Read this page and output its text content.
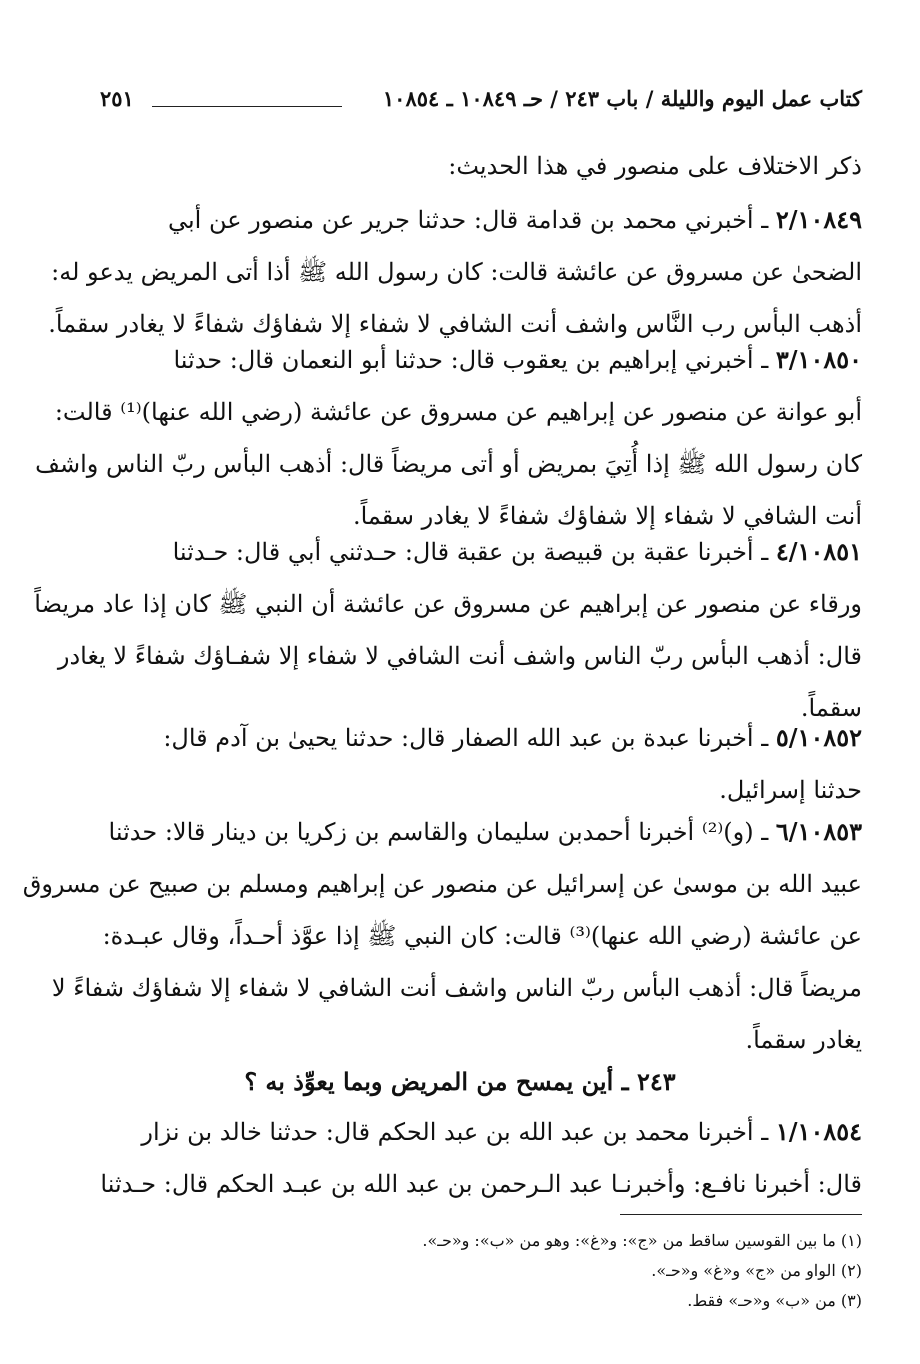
كتاب عمل اليوم والليلة / باب ٢٤٣ / حـ ١٠٨٤٩ ـ ١٠٨٥٤
٢٥١
ذكر الاختلاف على منصور في هذا الحديث:
٢/١٠٨٤٩ ـ أخبرني محمد بن قدامة قال: حدثنا جرير عن منصور عن أبي
الضحىٰ عن مسروق عن عائشة قالت: كان رسول الله ﷺ أذا أتى المريض يدعو له:
أذهب البأس رب النَّاس واشف أنت الشافي لا شفاء إلا شفاؤك شفاءً لا يغادر سقماً.
٣/١٠٨٥٠ ـ أخبرني إبراهيم بن يعقوب قال: حدثنا أبو النعمان قال: حدثنا
أبو عوانة عن منصور عن إبراهيم عن مسروق عن عائشة (رضي الله عنها)⁽¹⁾ قالت:
كان رسول الله ﷺ إذا أُتِيَ بمريض أو أتى مريضاً قال: أذهب البأس ربّ الناس واشف
أنت الشافي لا شفاء إلا شفاؤك شفاءً لا يغادر سقماً.
٤/١٠٨٥١ ـ أخبرنا عقبة بن قبيصة بن عقبة قال: حـدثني أبي قال: حـدثنا
ورقاء عن منصور عن إبراهيم عن مسروق عن عائشة أن النبي ﷺ كان إذا عاد مريضاً
قال: أذهب البأس ربّ الناس واشف أنت الشافي لا شفاء إلا شفـاؤك شفاءً لا يغادر
سقماً.
٥/١٠٨٥٢ ـ أخبرنا عبدة بن عبد الله الصفار قال: حدثنا يحيىٰ بن آدم قال:
حدثنا إسرائيل.
٦/١٠٨٥٣ ـ (و)⁽²⁾ أخبرنا أحمدبن سليمان والقاسم بن زكريا بن دينار قالا: حدثنا
عبيد الله بن موسىٰ عن إسرائيل عن منصور عن إبراهيم ومسلم بن صبيح عن مسروق
عن عائشة (رضي الله عنها)⁽³⁾ قالت: كان النبي ﷺ إذا عوَّذ أحـداً، وقال عبـدة:
مريضاً قال: أذهب البأس ربّ الناس واشف أنت الشافي لا شفاء إلا شفاؤك شفاءً لا
يغادر سقماً.
٢٤٣ ـ أين يمسح من المريض وبما يعوِّذ به ؟
١/١٠٨٥٤ ـ أخبرنا محمد بن عبد الله بن عبد الحكم قال: حدثنا خالد بن نزار
قال: أخبرنا نافـع: وأخبرنـا عبد الـرحمن بن عبد الله بن عبـد الحكم قال: حـدثنا
(١) ما بين القوسين ساقط من «ج»: و«غ»: وهو من «ب»: و«حـ».
(٢) الواو من «ج» و«غ» و«حـ».
(٣) من «ب» و«حـ» فقط.
